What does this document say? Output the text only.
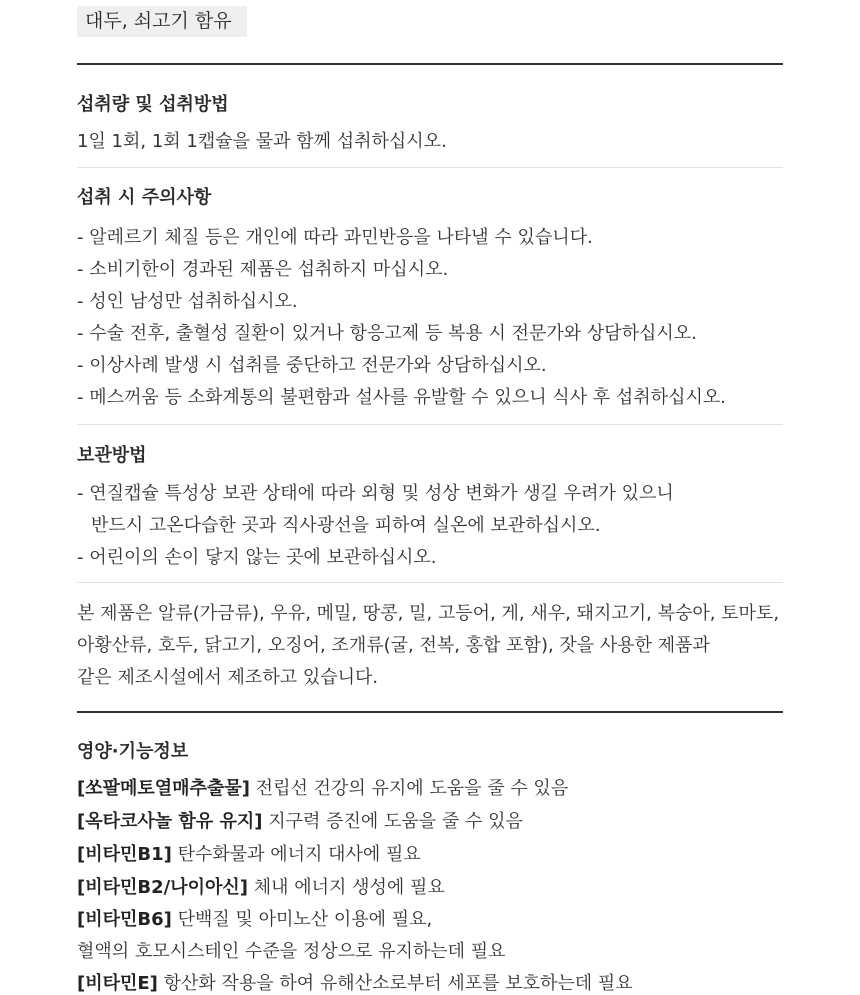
대두, 쇠고기 함유
섭취량 및 섭취방법
1일 1회, 1회 1캡슐을 물과 함께 섭취하십시오.
섭취 시 주의사항
- 알레르기 체질 등은 개인에 따라 과민반응을 나타낼 수 있습니다.
- 소비기한이 경과된 제품은 섭취하지 마십시오.
- 성인 남성만 섭취하십시오.
- 수술 전후, 출혈성 질환이 있거나 항응고제 등 복용 시 전문가와 상담하십시오.
- 이상사례 발생 시 섭취를 중단하고 전문가와 상담하십시오.
- 메스꺼움 등 소화계통의 불편함과 설사를 유발할 수 있으니 식사 후 섭취하십시오.
보관방법
- 연질캡슐 특성상 보관 상태에 따라 외형 및 성상 변화가 생길 우려가 있으니
반드시 고온다습한 곳과 직사광선을 피하여 실온에 보관하십시오.
- 어린이의 손이 닿지 않는 곳에 보관하십시오.
본 제품은 알류(가금류), 우유, 메밀, 땅콩, 밀, 고등어, 게, 새우, 돼지고기, 복숭아, 토마토,
아황산류, 호두, 닭고기, 오징어, 조개류(굴, 전복, 홍합 포함), 잣을 사용한 제품과
같은 제조시설에서 제조하고 있습니다.
영양·기능정보
[쏘팔메토열매추출물] 전립선 건강의 유지에 도움을 줄 수 있음
[옥타코사놀 함유 유지] 지구력 증진에 도움을 줄 수 있음
[비타민B1] 탄수화물과 에너지 대사에 필요
[비타민B2/나이아신] 체내 에너지 생성에 필요
[비타민B6] 단백질 및 아미노산 이용에 필요,
혈액의 호모시스테인 수준을 정상으로 유지하는데 필요
[비타민E] 항산화 작용을 하여 유해산소로부터 세포를 보호하는데 필요
